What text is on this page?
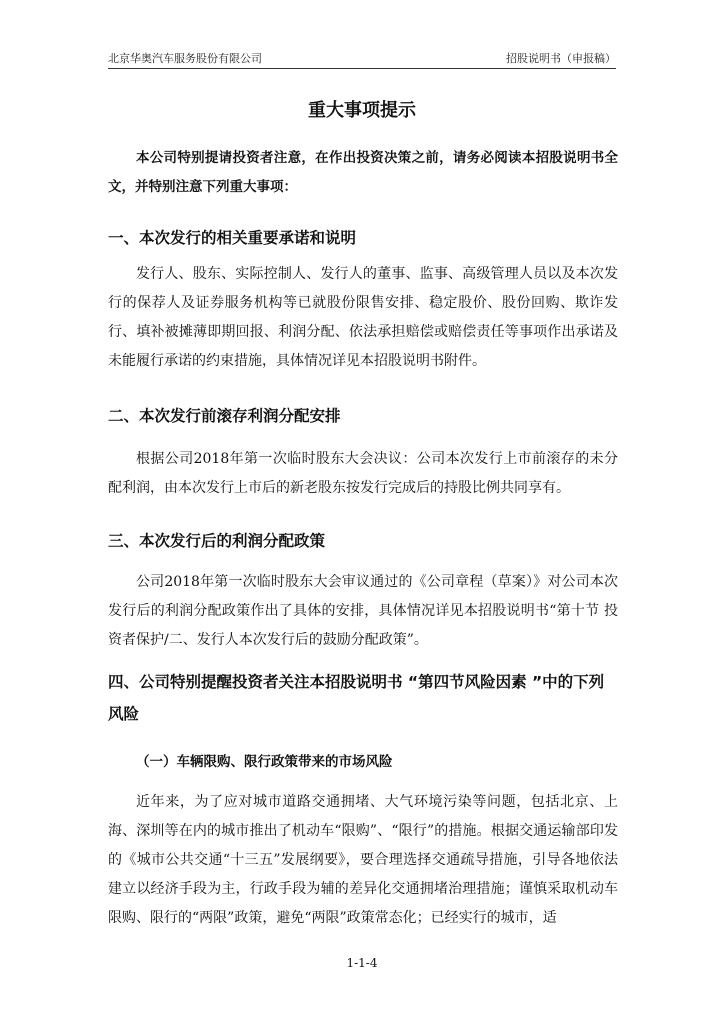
北京华奥汽车服务股份有限公司	招股说明书（申报稿）
重大事项提示

本公司特别提请投资者注意，在作出投资决策之前，请务必阅读本招股说明书全文，并特别注意下列重大事项：

一、本次发行的相关重要承诺和说明

发行人、股东、实际控制人、发行人的董事、监事、高级管理人员以及本次发行的保荐人及证券服务机构等已就股份限售安排、稳定股价、股份回购、欺诈发行、填补被摊薄即期回报、利润分配、依法承担赔偿或赔偿责任等事项作出承诺及未能履行承诺的约束措施，具体情况详见本招股说明书附件。

二、本次发行前滚存利润分配安排

根据公司2018年第一次临时股东大会决议：公司本次发行上市前滚存的未分配利润，由本次发行上市后的新老股东按发行完成后的持股比例共同享有。

三、本次发行后的利润分配政策

公司2018年第一次临时股东大会审议通过的《公司章程（草案）》对公司本次发行后的利润分配政策作出了具体的安排，具体情况详见本招股说明书“第十节 投资者保护/二、发行人本次发行后的鼓励分配政策”。

四、公司特别提醒投资者关注本招股说明书 “第四节风险因素 ”中的下列风险
（一）车辆限购、限行政策带来的市场风险

近年来，为了应对城市道路交通拥堵、大气环境污染等问题，包括北京、上海、深圳等在内的城市推出了机动车“限购”、“限行”的措施。根据交通运输部印发的《城市公共交通“十三五”发展纲要》，要合理选择交通疏导措施，引导各地依法建立以经济手段为主，行政手段为辅的差异化交通拥堵治理措施；谨慎采取机动车限购、限行的“两限”政策，避免“两限”政策常态化；已经实行的城市，适

1-1-4
